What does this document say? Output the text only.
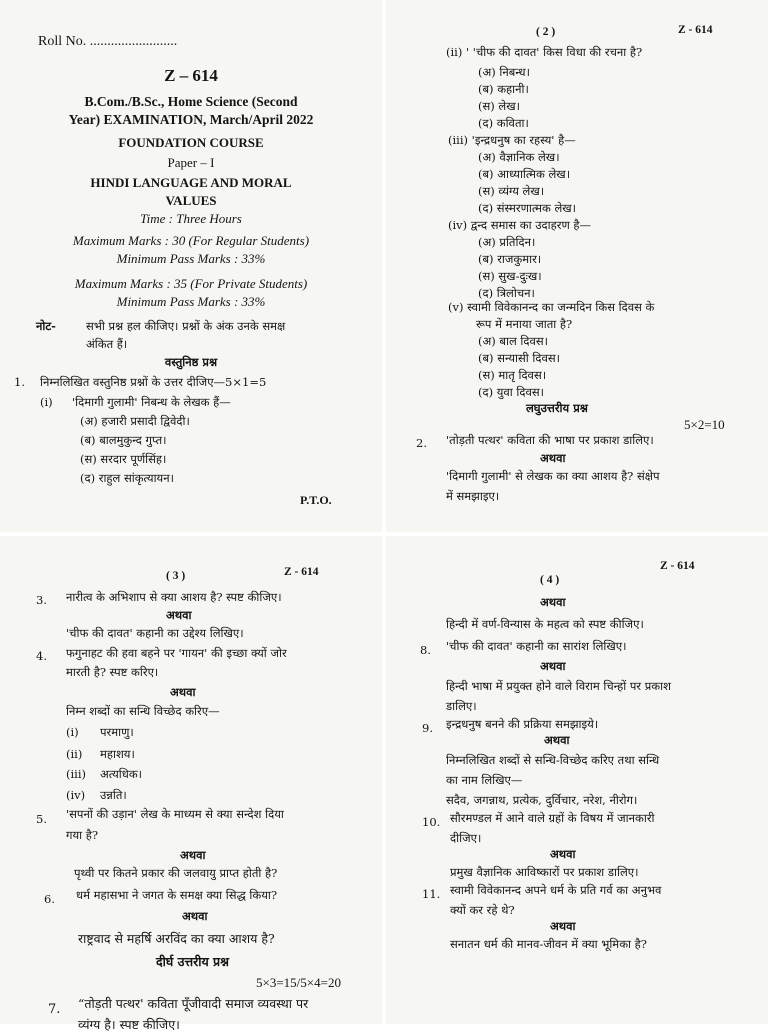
Roll No. .........................
Z – 614
B.Com./B.Sc., Home Science (Second
Year) EXAMINATION, March/April 2022
FOUNDATION COURSE
Paper – I
HINDI LANGUAGE AND MORAL
VALUES
Time : Three Hours
Maximum Marks : 30 (For Regular Students)
Minimum Pass Marks : 33%
Maximum Marks : 35 (For Private Students)
Minimum Pass Marks : 33%
नोट-	सभी प्रश्न हल कीजिए। प्रश्नों के अंक उनके समक्ष
अंकित हैं।
वस्तुनिष्ठ प्रश्न
1. निम्नलिखित वस्तुनिष्ठ प्रश्नों के उत्तर दीजिए—5×1=5
(i) 'दिमागी गुलामी' निबन्ध के लेखक हैं—
(अ) हजारी प्रसादी द्विवेदी।
(ब) बालमुकुन्द गुप्त।
(स) सरदार पूर्णसिंह।
(द) राहुल सांकृत्यायन।
P.T.O.
( 2 )	Z - 614
(ii) ' 'चीफ की दावत' किस विधा की रचना है?
(अ) निबन्ध।
(ब) कहानी।
(स) लेख।
(द) कविता।
(iii) 'इन्द्रधनुष का रहस्य' है—
(अ) वैज्ञानिक लेख।
(ब) आध्यात्मिक लेख।
(स) व्यंग्य लेख।
(द) संस्मरणात्मक लेख।
(iv) द्वन्द समास का उदाहरण है—
(अ) प्रतिदिन।
(ब) राजकुमार।
(स) सुख-दुःख।
(द) त्रिलोचन।
(v) स्वामी विवेकानन्द का जन्मदिन किस दिवस के
रूप में मनाया जाता है?
(अ) बाल दिवस।
(ब) सन्यासी दिवस।
(स) मातृ दिवस।
(द) युवा दिवस।
लघुउत्तरीय प्रश्न
5×2=10
2. 'तोड़ती पत्थर' कविता की भाषा पर प्रकाश डालिए।
अथवा
'दिमागी गुलामी' से लेखक का क्या आशय है? संक्षेप
में समझाइए।
( 3 )	Z - 614
3. नारीत्व के अभिशाप से क्या आशय है? स्पष्ट कीजिए।
अथवा
'चीफ की दावत' कहानी का उद्देश्य लिखिए।
4. फगुनाहट की हवा बहने पर 'गायन' की इच्छा क्यों जोर
मारती है? स्पष्ट करिए।
अथवा
निम्न शब्दों का सन्धि विच्छेद करिए—
(i) परमाणु।
(ii) महाशय।
(iii) अत्यधिक।
(iv) उन्नति।
5. 'सपनों की उड़ान' लेख के माध्यम से क्या सन्देश दिया
गया है?
अथवा
पृथ्वी पर कितने प्रकार की जलवायु प्राप्त होती है?
6. धर्म महासभा ने जगत के समक्ष क्या सिद्ध किया?
अथवा
राष्ट्रवाद से महर्षि अरविंद का क्या आशय है?
दीर्घ उत्तरीय प्रश्न
5×3=15/5×4=20
7. “तोड़ती पत्थर' कविता पूँजीवादी समाज व्यवस्था पर
व्यंग्य है। स्पष्ट कीजिए।
( 4 )
Z - 614
अथवा
हिन्दी में वर्ण-विन्यास के महत्व को स्पष्ट कीजिए।
8. 'चीफ की दावत' कहानी का सारांश लिखिए।
अथवा
हिन्दी भाषा में प्रयुक्त होने वाले विराम चिन्हों पर प्रकाश
डालिए।
9. इन्द्रधनुष बनने की प्रक्रिया समझाइये।
अथवा
निम्नलिखित शब्दों से सन्धि-विच्छेद करिए तथा सन्धि
का नाम लिखिए—
सदैव, जगन्नाथ, प्रत्येक, दुर्विचार, नरेश, नीरोग।
10. सौरमण्डल में आने वाले ग्रहों के विषय में जानकारी
दीजिए।
अथवा
प्रमुख वैज्ञानिक आविष्कारों पर प्रकाश डालिए।
11. स्वामी विवेकानन्द अपने धर्म के प्रति गर्व का अनुभव
क्यों कर रहे थे?
अथवा
सनातन धर्म की मानव-जीवन में क्या भूमिका है?
